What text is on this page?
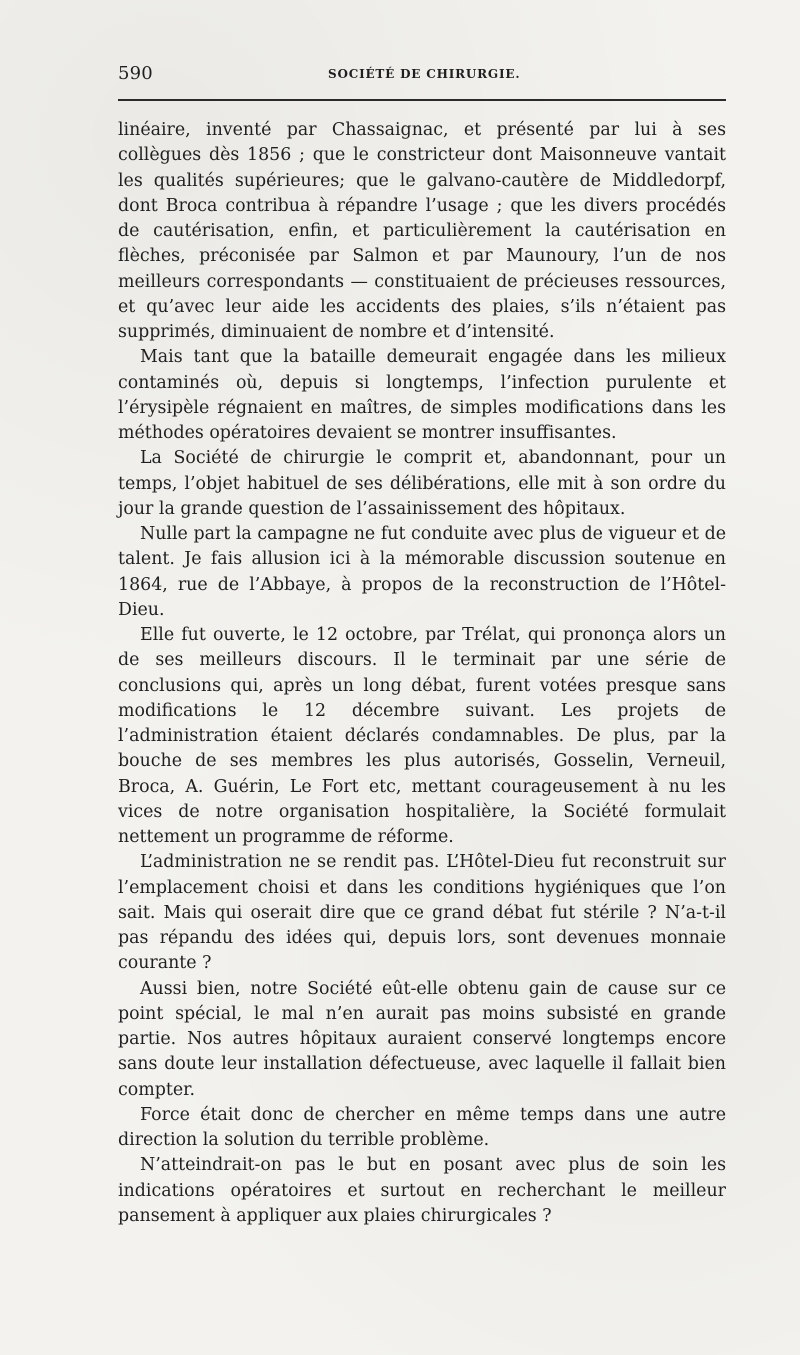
590	SOCIÉTÉ DE CHIRURGIE.

linéaire, inventé par Chassaignac, et présenté par lui à ses collègues dès 1856 ; que le constricteur dont Maisonneuve vantait les qualités supérieures; que le galvano-cautère de Middledorpf, dont Broca contribua à répandre l’usage ; que les divers procédés de cautérisation, enfin, et particulièrement la cautérisation en flèches, préconisée par Salmon et par Maunoury, l’un de nos meilleurs correspondants — constituaient de précieuses ressources, et qu’avec leur aide les accidents des plaies, s’ils n’étaient pas supprimés, diminuaient de nombre et d’intensité.

Mais tant que la bataille demeurait engagée dans les milieux contaminés où, depuis si longtemps, l’infection purulente et l’érysipèle régnaient en maîtres, de simples modifications dans les méthodes opératoires devaient se montrer insuffisantes.

La Société de chirurgie le comprit et, abandonnant, pour un temps, l’objet habituel de ses délibérations, elle mit à son ordre du jour la grande question de l’assainissement des hôpitaux.

Nulle part la campagne ne fut conduite avec plus de vigueur et de talent. Je fais allusion ici à la mémorable discussion soutenue en 1864, rue de l’Abbaye, à propos de la reconstruction de l’Hôtel-Dieu.

Elle fut ouverte, le 12 octobre, par Trélat, qui prononça alors un de ses meilleurs discours. Il le terminait par une série de conclusions qui, après un long débat, furent votées presque sans modifications le 12 décembre suivant. Les projets de l’administration étaient déclarés condamnables. De plus, par la bouche de ses membres les plus autorisés, Gosselin, Verneuil, Broca, A. Guérin, Le Fort etc, mettant courageusement à nu les vices de notre organisation hospitalière, la Société formulait nettement un programme de réforme.

L’administration ne se rendit pas. L’Hôtel-Dieu fut reconstruit sur l’emplacement choisi et dans les conditions hygiéniques que l’on sait. Mais qui oserait dire que ce grand débat fut stérile ? N’a-t-il pas répandu des idées qui, depuis lors, sont devenues monnaie courante ?

Aussi bien, notre Société eût-elle obtenu gain de cause sur ce point spécial, le mal n’en aurait pas moins subsisté en grande partie. Nos autres hôpitaux auraient conservé longtemps encore sans doute leur installation défectueuse, avec laquelle il fallait bien compter.

Force était donc de chercher en même temps dans une autre direction la solution du terrible problème.

N’atteindrait-on pas le but en posant avec plus de soin les indications opératoires et surtout en recherchant le meilleur pansement à appliquer aux plaies chirurgicales ?
